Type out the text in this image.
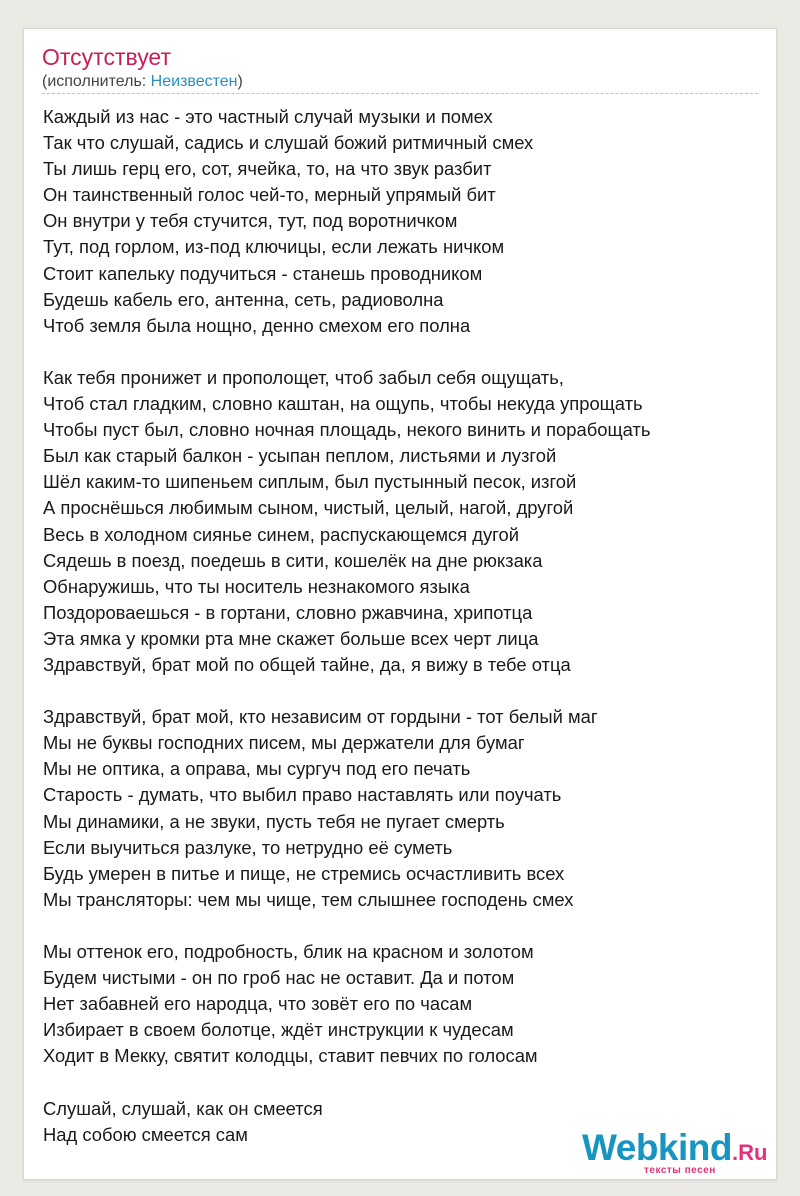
Отсутствует
(исполнитель: Неизвестен)
Каждый из нас - это частный случай музыки и помех
Так что слушай, садись и слушай божий ритмичный смех
Ты лишь герц его, сот, ячейка, то, на что звук разбит
Он таинственный голос чей-то, мерный упрямый бит
Он внутри у тебя стучится, тут, под воротничком
Тут, под горлом, из-под ключицы, если лежать ничком
Стоит капельку подучиться - станешь проводником
Будешь кабель его, антенна, сеть, радиоволна
Чтоб земля была нощно, денно смехом его полна
Как тебя пронижет и прополощет, чтоб забыл себя ощущать,
Чтоб стал гладким, словно каштан, на ощупь, чтобы некуда упрощать
Чтобы пуст был, словно ночная площадь, некого винить и порабощать
Был как старый балкон - усыпан пеплом, листьями и лузгой
Шёл каким-то шипеньем сиплым, был пустынный песок, изгой
А проснёшься любимым сыном, чистый, целый, нагой, другой
Весь в холодном сиянье синем, распускающемся дугой
Сядешь в поезд, поедешь в сити, кошелёк на дне рюкзака
Обнаружишь, что ты носитель незнакомого языка
Поздороваешься - в гортани, словно ржавчина, хрипотца
Эта ямка у кромки рта мне скажет больше всех черт лица
Здравствуй, брат мой по общей тайне, да, я вижу в тебе отца
Здравствуй, брат мой, кто независим от гордыни - тот белый маг
Мы не буквы господних писем, мы держатели для бумаг
Мы не оптика, а оправа, мы сургуч под его печать
Старость - думать, что выбил право наставлять или поучать
Мы динамики, а не звуки, пусть тебя не пугает смерть
Если выучиться разлуке, то нетрудно её суметь
Будь умерен в питье и пище, не стремись осчастливить всех
Мы трансляторы: чем мы чище, тем слышнее господень смех
Мы оттенок его, подробность, блик на красном и золотом
Будем чистыми - он по гроб нас не оставит. Да и потом
Нет забавней его народца, что зовёт его по часам
Избирает в своем болотце, ждёт инструкции к чудесам
Ходит в Мекку, святит колодцы, ставит певчих по голосам
Слушай, слушай, как он смеется
Над собою смеется сам	Webkind.Ru
тексты песен
